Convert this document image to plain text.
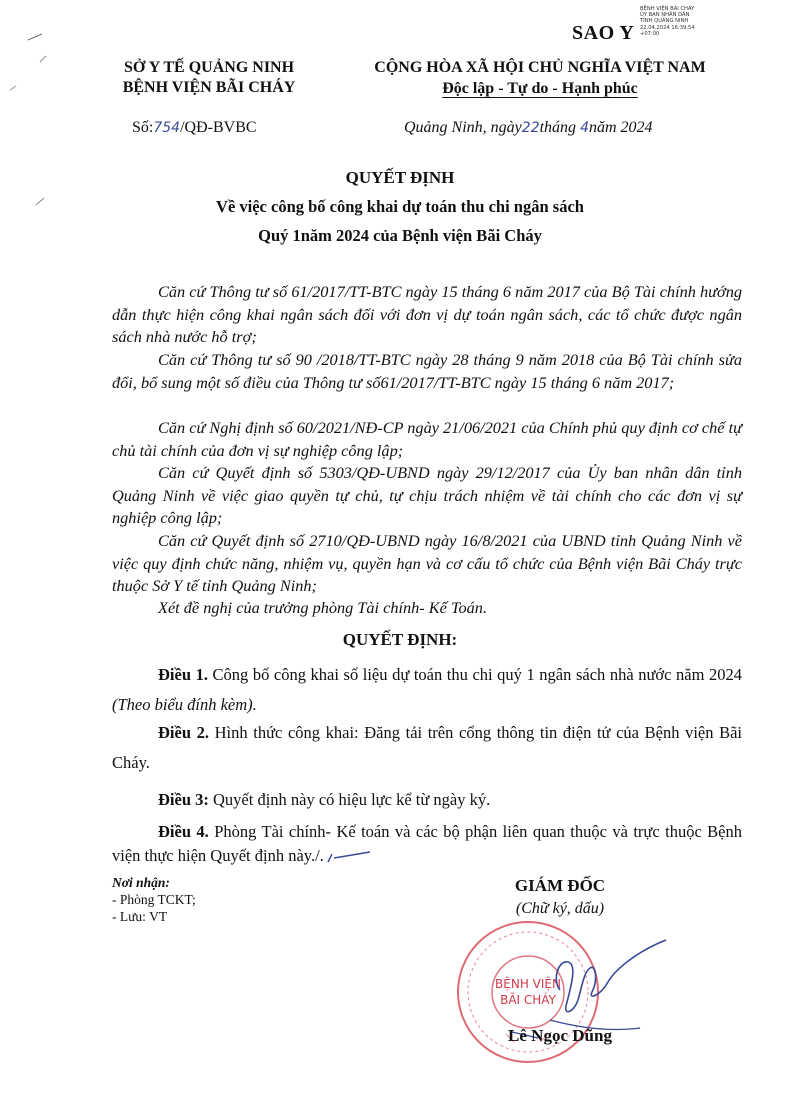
SAO Y
BỆNH VIỆN BÃI CHÁY
ỦY BAN NHÂN DÂN
TỈNH QUẢNG NINH
22.04.2024 16:39:54
+07:00
SỞ Y TẾ QUẢNG NINH
BỆNH VIỆN BÃI CHÁY
CỘNG HÒA XÃ HỘI CHỦ NGHĨA VIỆT NAM
Độc lập - Tự do - Hạnh phúc
Số:754/QĐ-BVBC	Quảng Ninh, ngày22tháng 4năm 2024
QUYẾT ĐỊNH
Về việc công bố công khai dự toán thu chi ngân sách
Quý 1năm 2024 của Bệnh viện Bãi Cháy
Căn cứ Thông tư số 61/2017/TT-BTC ngày 15 tháng 6 năm 2017 của Bộ Tài chính hướng dẫn thực hiện công khai ngân sách đối với đơn vị dự toán ngân sách, các tổ chức được ngân sách nhà nước hỗ trợ;
Căn cứ Thông tư số 90 /2018/TT-BTC ngày 28 tháng 9 năm 2018 của Bộ Tài chính sửa đổi, bổ sung một số điều của Thông tư số61/2017/TT-BTC ngày 15 tháng 6 năm 2017;
Căn cứ Nghị định số 60/2021/NĐ-CP ngày 21/06/2021 của Chính phủ quy định cơ chế tự chủ tài chính của đơn vị sự nghiệp công lập;
Căn cứ Quyết định số 5303/QĐ-UBND ngày 29/12/2017 của Ủy ban nhân dân tỉnh Quảng Ninh về việc giao quyền tự chủ, tự chịu trách nhiệm về tài chính cho các đơn vị sự nghiệp công lập;
Căn cứ Quyết định số 2710/QĐ-UBND ngày 16/8/2021 của UBND tỉnh Quảng Ninh về việc quy định chức năng, nhiệm vụ, quyền hạn và cơ cấu tổ chức của Bệnh viện Bãi Cháy trực thuộc Sở Y tế tỉnh Quảng Ninh;
Xét đề nghị của trưởng phòng Tài chính- Kế Toán.
QUYẾT ĐỊNH:
Điều 1. Công bố công khai số liệu dự toán thu chi quý 1 ngân sách nhà nước năm 2024 (Theo biểu đính kèm).
Điều 2. Hình thức công khai: Đăng tải trên cổng thông tin điện tử của Bệnh viện Bãi Cháy.
Điều 3: Quyết định này có hiệu lực kể từ ngày ký.
Điều 4. Phòng Tài chính- Kế toán và các bộ phận liên quan thuộc và trực thuộc Bệnh viện thực hiện Quyết định này./.
Nơi nhận:
- Phòng TCKT;
- Lưu: VT
GIÁM ĐỐC
(Chữ ký, dấu)
BỆNH VIỆN
BÃI CHÁY
Lê Ngọc Dũng
